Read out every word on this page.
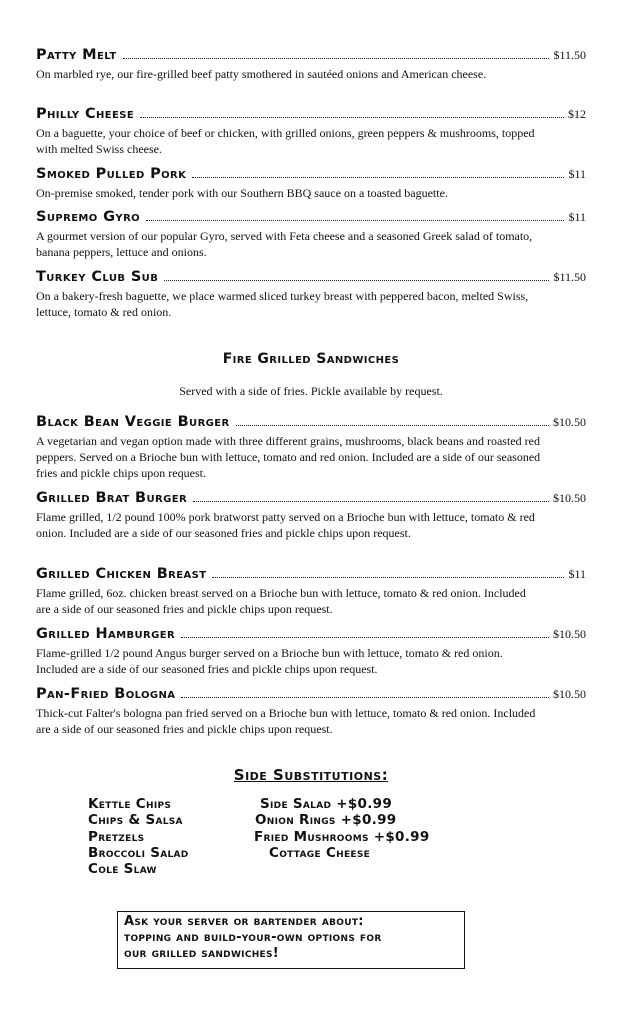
Patty Melt	$11.50
On marbled rye, our fire-grilled beef patty smothered in sautéed onions and American cheese.
Philly Cheese	$12
On a baguette, your choice of beef or chicken, with grilled onions, green peppers & mushrooms, topped with melted Swiss cheese.
Smoked Pulled Pork	$11
On-premise smoked, tender pork with our Southern BBQ sauce on a toasted baguette.
Supremo Gyro	$11
A gourmet version of our popular Gyro, served with Feta cheese and a seasoned Greek salad of tomato, banana peppers, lettuce and onions.
Turkey Club Sub	$11.50
On a bakery-fresh baguette, we place warmed sliced turkey breast with peppered bacon, melted Swiss, lettuce, tomato & red onion.
Fire Grilled Sandwiches
Served with a side of fries. Pickle available by request.
Black Bean Veggie Burger	$10.50
A vegetarian and vegan option made with three different grains, mushrooms, black beans and roasted red peppers. Served on a Brioche bun with lettuce, tomato and red onion. Included are a side of our seasoned fries and pickle chips upon request.
Grilled Brat Burger	$10.50
Flame grilled, 1/2 pound 100% pork bratworst patty served on a Brioche bun with lettuce, tomato & red onion. Included are a side of our seasoned fries and pickle chips upon request.
Grilled Chicken Breast	$11
Flame grilled, 6oz. chicken breast served on a Brioche bun with lettuce, tomato & red onion. Included are a side of our seasoned fries and pickle chips upon request.
Grilled Hamburger	$10.50
Flame-grilled 1/2 pound Angus burger served on a Brioche bun with lettuce, tomato & red onion. Included are a side of our seasoned fries and pickle chips upon request.
Pan-Fried Bologna	$10.50
Thick-cut Falter's bologna pan fried served on a Brioche bun with lettuce, tomato & red onion. Included are a side of our seasoned fries and pickle chips upon request.
Side Substitutions:
Kettle Chips
Chips & Salsa
Pretzels
Broccoli Salad
Cole Slaw
Side Salad +$0.99
Onion Rings +$0.99
Fried Mushrooms +$0.99
Cottage Cheese
Ask your server or bartender about:
topping and build-your-own options for
our grilled sandwiches!
